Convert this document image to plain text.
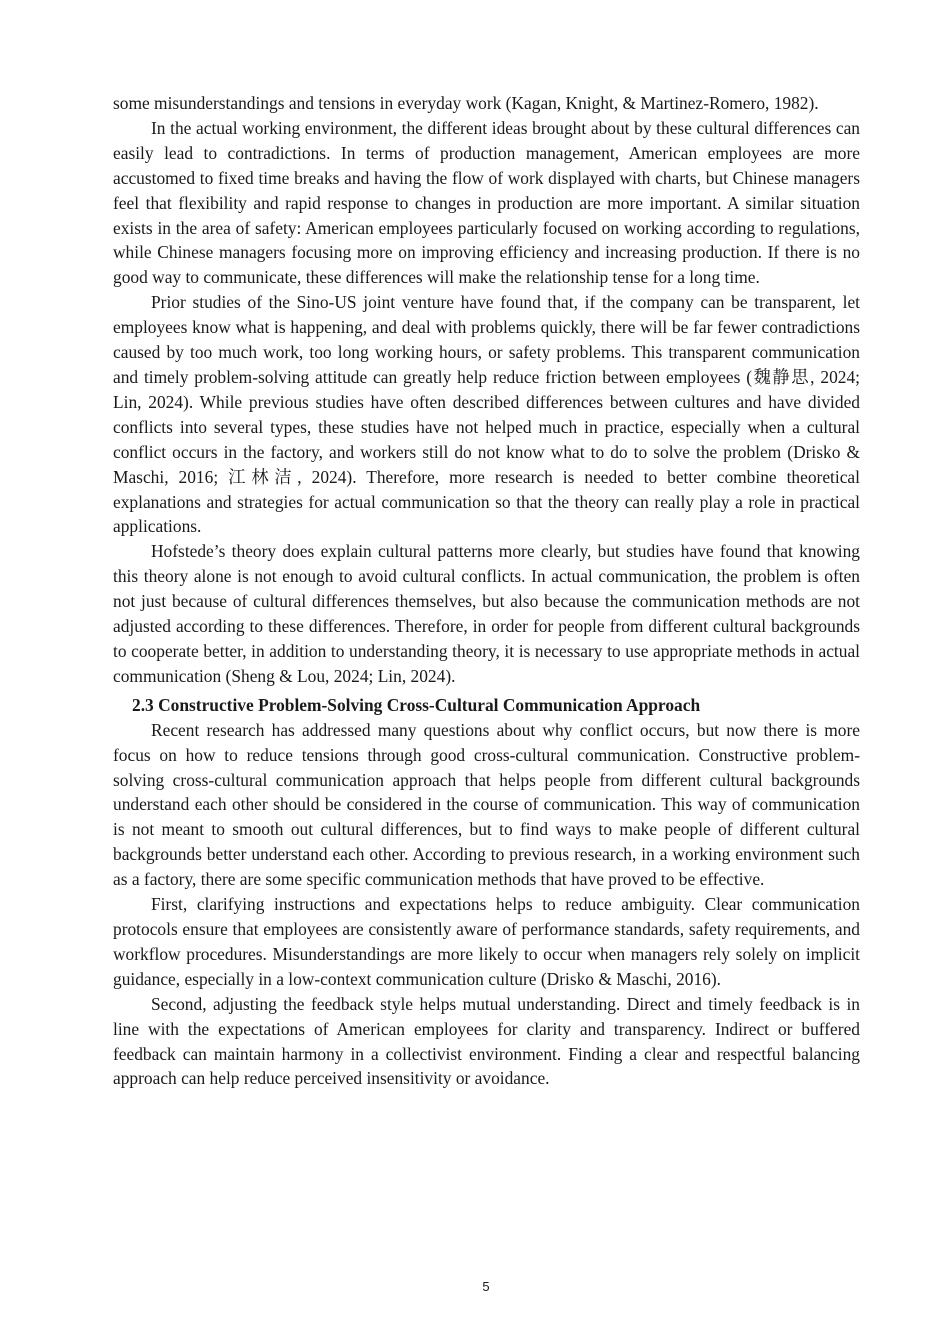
some misunderstandings and tensions in everyday work (Kagan, Knight, & Martinez-Romero, 1982).

In the actual working environment, the different ideas brought about by these cultural differences can easily lead to contradictions. In terms of production management, American employees are more accustomed to fixed time breaks and having the flow of work displayed with charts, but Chinese managers feel that flexibility and rapid response to changes in production are more important. A similar situation exists in the area of safety: American employees particularly focused on working according to regulations, while Chinese managers focusing more on improving efficiency and increasing production. If there is no good way to communicate, these differences will make the relationship tense for a long time.

Prior studies of the Sino-US joint venture have found that, if the company can be transparent, let employees know what is happening, and deal with problems quickly, there will be far fewer contradictions caused by too much work, too long working hours, or safety problems. This transparent communication and timely problem-solving attitude can greatly help reduce friction between employees (魏静思, 2024; Lin, 2024). While previous studies have often described differences between cultures and have divided conflicts into several types, these studies have not helped much in practice, especially when a cultural conflict occurs in the factory, and workers still do not know what to do to solve the problem (Drisko & Maschi, 2016; 江林洁, 2024). Therefore, more research is needed to better combine theoretical explanations and strategies for actual communication so that the theory can really play a role in practical applications.

Hofstede’s theory does explain cultural patterns more clearly, but studies have found that knowing this theory alone is not enough to avoid cultural conflicts. In actual communication, the problem is often not just because of cultural differences themselves, but also because the communication methods are not adjusted according to these differences. Therefore, in order for people from different cultural backgrounds to cooperate better, in addition to understanding theory, it is necessary to use appropriate methods in actual communication (Sheng & Lou, 2024; Lin, 2024).

2.3 Constructive Problem-Solving Cross-Cultural Communication Approach

Recent research has addressed many questions about why conflict occurs, but now there is more focus on how to reduce tensions through good cross-cultural communication. Constructive problem-solving cross-cultural communication approach that helps people from different cultural backgrounds understand each other should be considered in the course of communication. This way of communication is not meant to smooth out cultural differences, but to find ways to make people of different cultural backgrounds better understand each other. According to previous research, in a working environment such as a factory, there are some specific communication methods that have proved to be effective.

First, clarifying instructions and expectations helps to reduce ambiguity. Clear communication protocols ensure that employees are consistently aware of performance standards, safety requirements, and workflow procedures. Misunderstandings are more likely to occur when managers rely solely on implicit guidance, especially in a low-context communication culture (Drisko & Maschi, 2016).

Second, adjusting the feedback style helps mutual understanding. Direct and timely feedback is in line with the expectations of American employees for clarity and transparency. Indirect or buffered feedback can maintain harmony in a collectivist environment. Finding a clear and respectful balancing approach can help reduce perceived insensitivity or avoidance.

5
